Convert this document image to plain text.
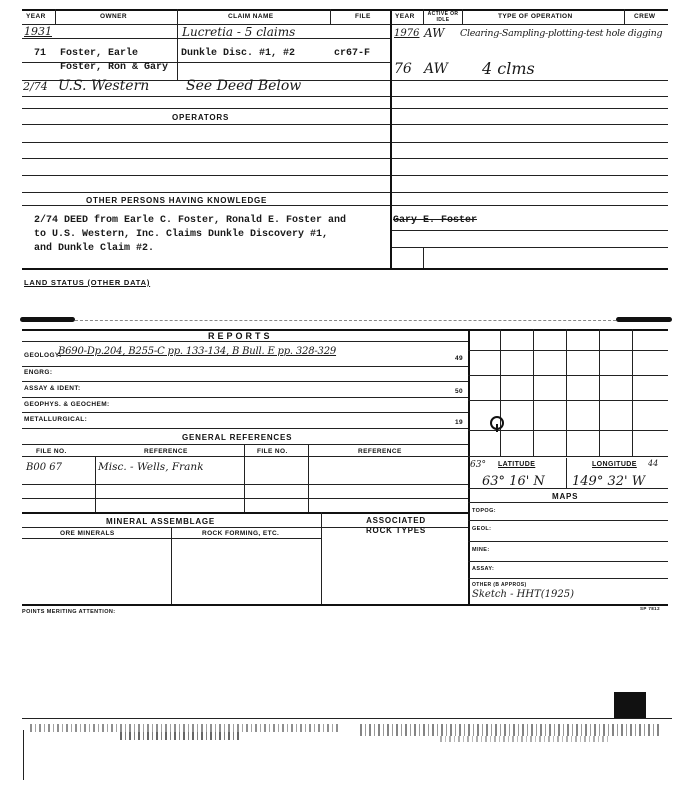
YEAR	OWNER	CLAIM NAME	FILE	YEAR	ACTIVE OR IDLE	TYPE OF OPERATION	CREW
1931	Lucretia - 5 claims
71 Foster, Earle	Dunkle Disc. #1, #2	cr67-F
Foster, Ron & Gary
2/74 U.S. Western	See Deed Below
1976 AW Clearing-Sampling-plotting-test hole digging
76 AW 4 clms
OPERATORS
OTHER PERSONS HAVING KNOWLEDGE
2/74 DEED from Earle C. Foster, Ronald E. Foster and	Gary E. Foster
to U.S. Western, Inc. Claims Dunkle Discovery #1,
and Dunkle Claim #2.
LAND STATUS (OTHER DATA)
REPORTS
GEOLOGY:
B690-Dp.204, B255-C pp. 133-134, B Bull. E pp. 328-329
49
ENGRG:
ASSAY & IDENT:	50
GEOPHYS. & GEOCHEM:
METALLURGICAL:	19
GENERAL REFERENCES
FILE NO.	REFERENCE	FILE NO.	REFERENCE
B00 67	Misc. - Wells, Frank
MINERAL ASSEMBLAGE
ORE MINERALS	ROCK FORMING, ETC.
ASSOCIATED ROCK TYPES
63° LATITUDE	LONGITUDE 44
63° 16' N 149° 32' W
MAPS
TOPOG:
GEOL:
MINE:
ASSAY:
OTHER (B APPROS)
Sketch - HHT(1925)
POINTS MERITING ATTENTION:
SP 7812
